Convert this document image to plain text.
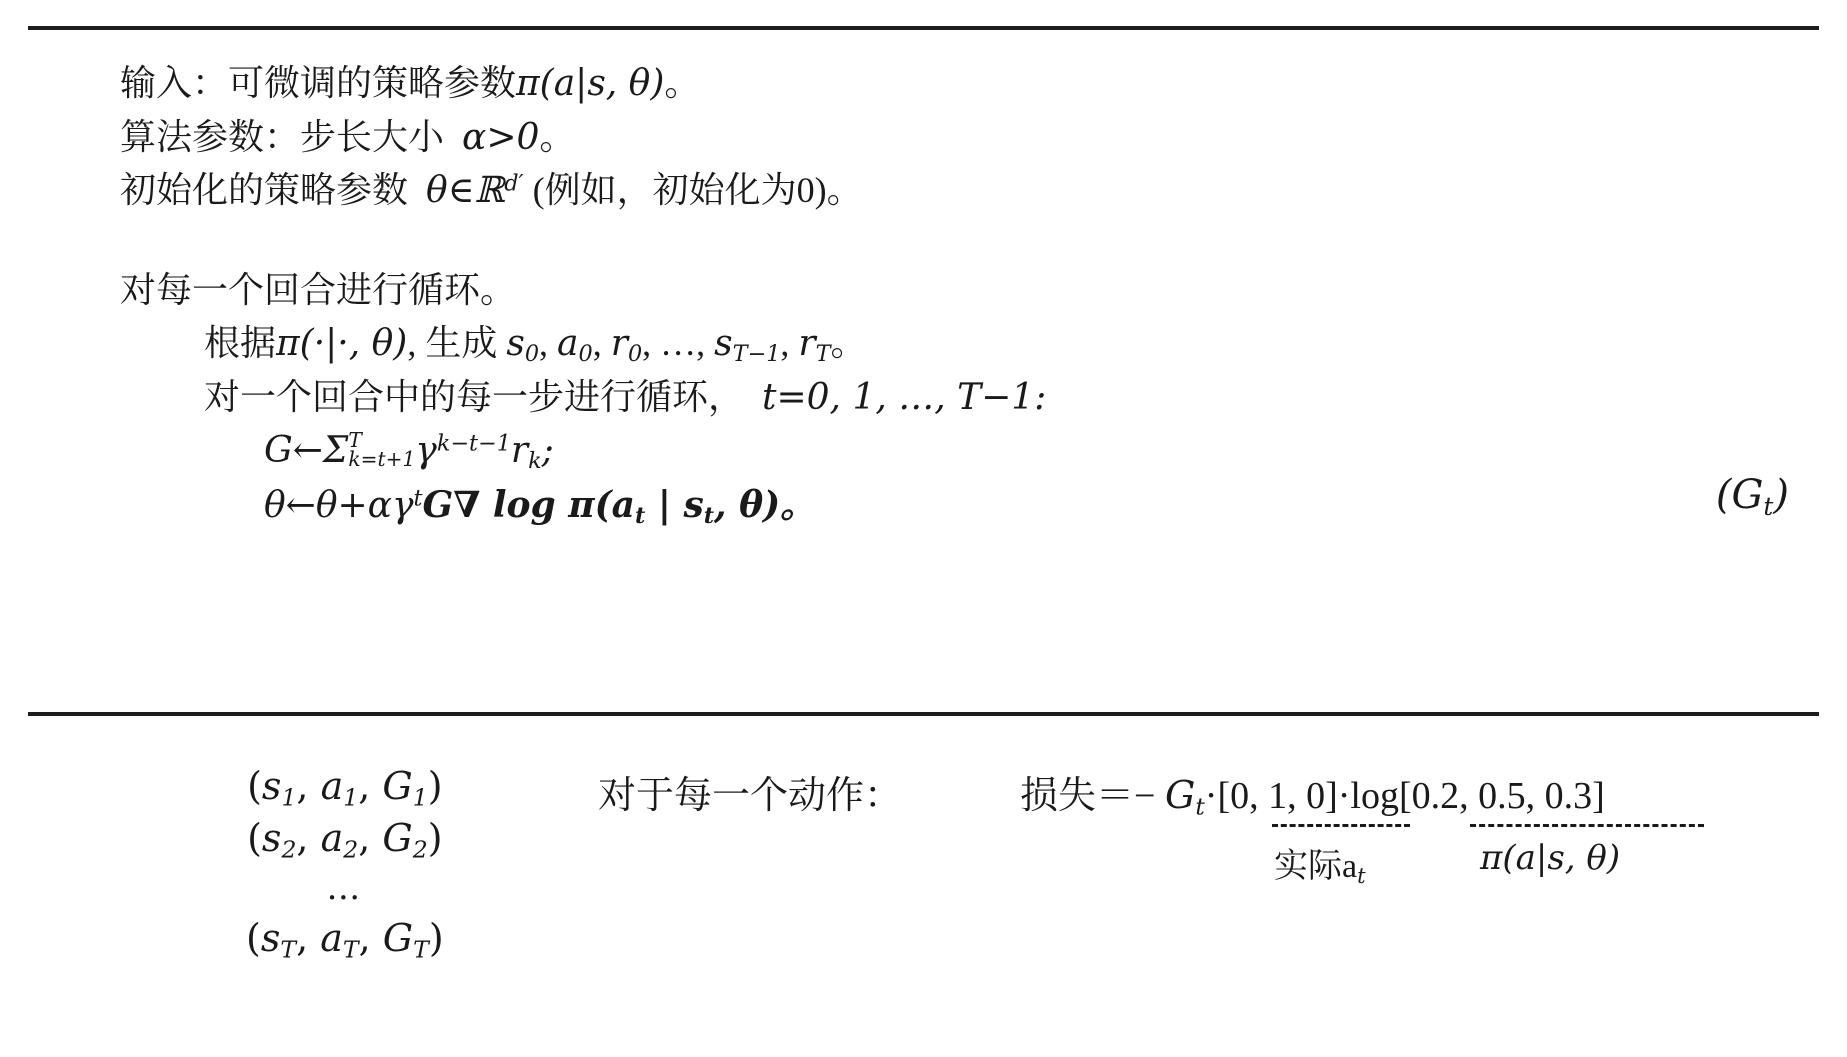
输入：可微调的策略参数π(a|s, θ)。
算法参数：步长大小 α>0。
初始化的策略参数 θ∈ℝ$^{d'}$ (例如，初始化为0)。
对每一个回合进行循环。
根据π(·|·, θ), 生成 $s_0$, $a_0$, $r_0$, …, $s_{T-1}$, $r_T$。
对一个回合中的每一步进行循环， t=0, 1, …, T−1:
G←Σ T
k=t+1 $\gamma^{k-t-1}r_k$;
$\theta\leftarrow\theta+\alpha\gamma^tG\nabla$ $\log \pi(a_t$ | $s_t$, θ)。	$(G_t)$
($s_1$, $a_1$, $G_1$)
($s_2$, $a_2$, $G_2$)
…
($s_T$, $a_T$, $G_T$)
对于每一个动作：	损失＝− $G_t\cdot[0$, 1, 0]·log[0.2, 0.5, 0.3]
实际$a_t$	π(a|s, θ)
